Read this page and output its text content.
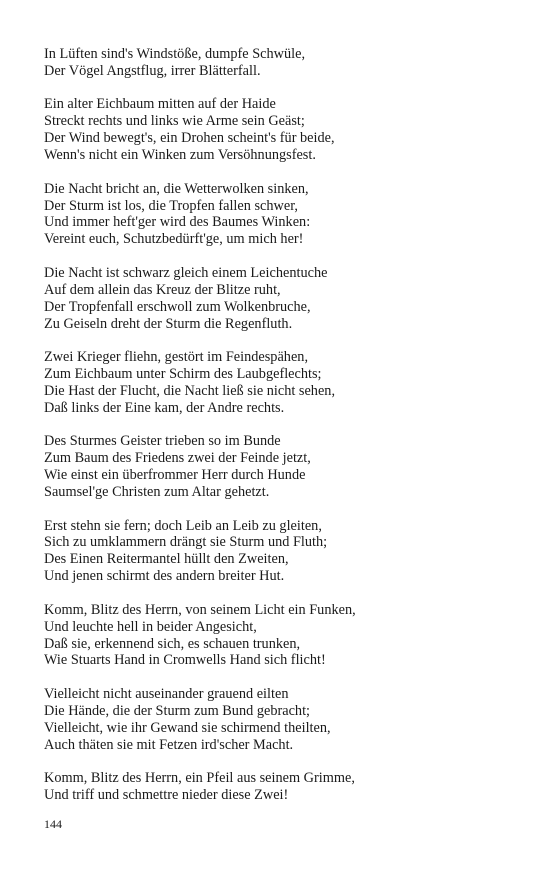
In Lüften sind's Windstöße, dumpfe Schwüle,
Der Vögel Angstflug, irrer Blätterfall.
Ein alter Eichbaum mitten auf der Haide
Streckt rechts und links wie Arme sein Geäst;
Der Wind bewegt's, ein Drohen scheint's für beide,
Wenn's nicht ein Winken zum Versöhnungsfest.
Die Nacht bricht an, die Wetterwolken sinken,
Der Sturm ist los, die Tropfen fallen schwer,
Und immer heft'ger wird des Baumes Winken:
Vereint euch, Schutzbedürft'ge, um mich her!
Die Nacht ist schwarz gleich einem Leichentuche
Auf dem allein das Kreuz der Blitze ruht,
Der Tropfenfall erschwoll zum Wolkenbruche,
Zu Geiseln dreht der Sturm die Regenfluth.
Zwei Krieger fliehn, gestört im Feindespähen,
Zum Eichbaum unter Schirm des Laubgeflechts;
Die Hast der Flucht, die Nacht ließ sie nicht sehen,
Daß links der Eine kam, der Andre rechts.
Des Sturmes Geister trieben so im Bunde
Zum Baum des Friedens zwei der Feinde jetzt,
Wie einst ein überfrommer Herr durch Hunde
Saumsel'ge Christen zum Altar gehetzt.
Erst stehn sie fern; doch Leib an Leib zu gleiten,
Sich zu umklammern drängt sie Sturm und Fluth;
Des Einen Reitermantel hüllt den Zweiten,
Und jenen schirmt des andern breiter Hut.
Komm, Blitz des Herrn, von seinem Licht ein Funken,
Und leuchte hell in beider Angesicht,
Daß sie, erkennend sich, es schauen trunken,
Wie Stuarts Hand in Cromwells Hand sich flicht!
Vielleicht nicht auseinander grauend eilten
Die Hände, die der Sturm zum Bund gebracht;
Vielleicht, wie ihr Gewand sie schirmend theilten,
Auch thäten sie mit Fetzen ird'scher Macht.
Komm, Blitz des Herrn, ein Pfeil aus seinem Grimme,
Und triff und schmettre nieder diese Zwei!
144
